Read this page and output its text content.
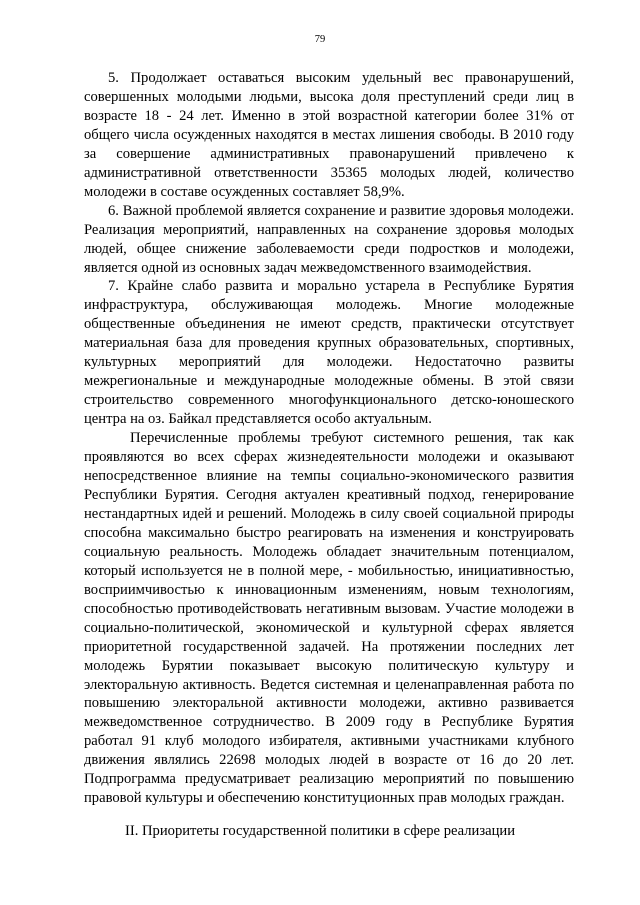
79

5. Продолжает оставаться высоким удельный вес правонарушений, совершенных молодыми людьми, высока доля преступлений среди лиц в возрасте 18 - 24 лет. Именно в этой возрастной категории более 31% от общего числа осужденных находятся в местах лишения свободы. В 2010 году за совершение административных правонарушений привлечено к административной ответственности 35365 молодых людей, количество молодежи в составе осужденных составляет 58,9%.

6. Важной проблемой является сохранение и развитие здоровья молодежи. Реализация мероприятий, направленных на сохранение здоровья молодых людей, общее снижение заболеваемости среди подростков и молодежи, является одной из основных задач межведомственного взаимодействия.

7. Крайне слабо развита и морально устарела в Республике Бурятия инфраструктура, обслуживающая молодежь. Многие молодежные общественные объединения не имеют средств, практически отсутствует материальная база для проведения крупных образовательных, спортивных, культурных мероприятий для молодежи. Недостаточно развиты межрегиональные и международные молодежные обмены. В этой связи строительство современного многофункционального детско-юношеского центра на оз. Байкал представляется особо актуальным.

Перечисленные проблемы требуют системного решения, так как проявляются во всех сферах жизнедеятельности молодежи и оказывают непосредственное влияние на темпы социально-экономического развития Республики Бурятия. Сегодня актуален креативный подход, генерирование нестандартных идей и решений. Молодежь в силу своей социальной природы способна максимально быстро реагировать на изменения и конструировать социальную реальность. Молодежь обладает значительным потенциалом, который используется не в полной мере, - мобильностью, инициативностью, восприимчивостью к инновационным изменениям, новым технологиям, способностью противодействовать негативным вызовам. Участие молодежи в социально-политической, экономической и культурной сферах является приоритетной государственной задачей. На протяжении последних лет молодежь Бурятии показывает высокую политическую культуру и электоральную активность. Ведется системная и целенаправленная работа по повышению электоральной активности молодежи, активно развивается межведомственное сотрудничество. В 2009 году в Республике Бурятия работал 91 клуб молодого избирателя, активными участниками клубного движения являлись 22698 молодых людей в возрасте от 16 до 20 лет. Подпрограмма предусматривает реализацию мероприятий по повышению правовой культуры и обеспечению конституционных прав молодых граждан.

II. Приоритеты государственной политики в сфере реализации
